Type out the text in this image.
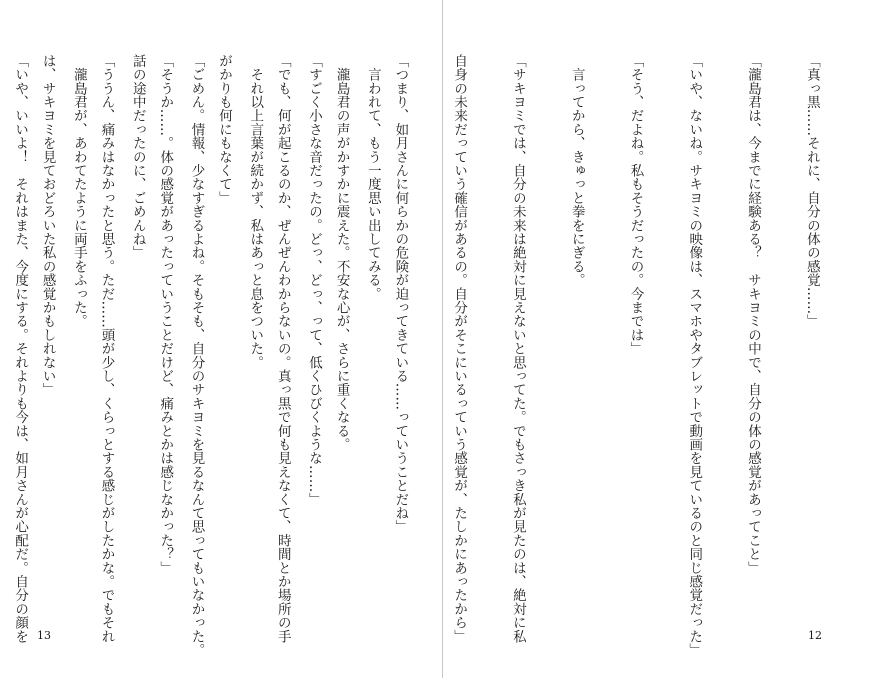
　言われて、もう一度思い出してみる。

「すごく小さな音だったの。どっ、どっ、って、低くひびくような……」

　それ以上言葉が続かず、私はあっと息をついた。

「ごめん。情報、少なすぎるよね。そもそも、自分のサキヨミを見るなんて思ってもいなかった。

話の途中だったのに、ごめんね」

　瀧島君が、あわてたように両手をふった。

「いや、いいよ！　それはまた、今度にする。それよりも今は、如月さんが心配だ。自分の顔を

13

「真っ黒……それに、自分の体の感覚……」

「瀧島君は、今までに経験ある？　サキヨミの中で、自分の体の感覚があってこと」

「いや、ないね。サキヨミの映像は、スマホやタブレットで動画を見ているのと同じ感覚だった」

「そう、だよね。私もそうだったの。今までは」

　言ってから、きゅっと拳をにぎる。

「サキヨミでは、自分の未来は絶対に見えないと思ってた。でもさっき私が見たのは、絶対に私

自身の未来だっていう確信があるの。自分がそこにいるっていう感覚が、たしかにあったから」

「つまり、如月さんに何らかの危険が迫ってきている……っていうことだね」

　瀧島君の声がかすかに震えた。不安な心が、さらに重くなる。

「でも、何が起こるのか、ぜんぜんわからないの。真っ黒で何も見えなくて、時間とか場所の手

がかりも何にもなくて」

「そうか……。体の感覚があったっていうことだけど、痛みとかは感じなかった？」

「ううん、痛みはなかったと思う。ただ……頭が少し、くらっとする感じがしたかな。でもそれ

は、サキヨミを見ておどろいた私の感覚かもしれない」

12
